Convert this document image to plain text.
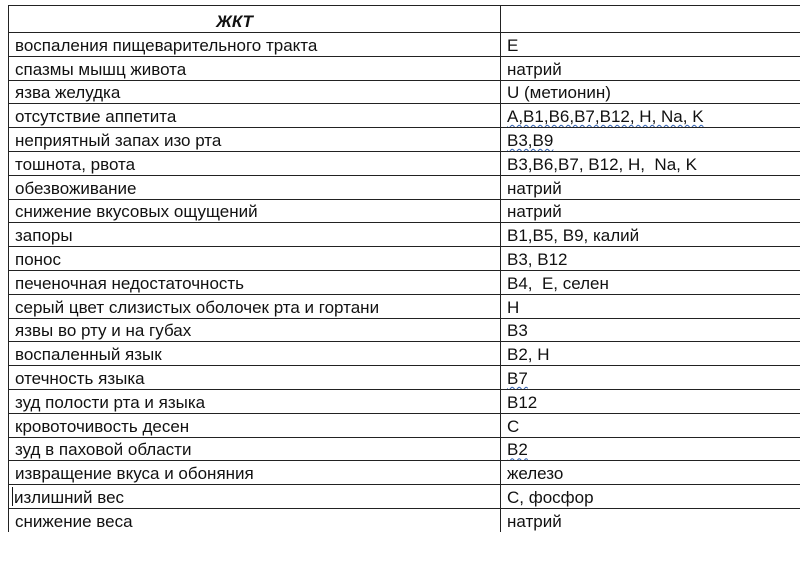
ЖКТ	
воспаления пищеварительного тракта	Е
спазмы мышц живота	натрий
язва желудка	U (метионин)
отсутствие аппетита	А,В1,В6,В7,В12, Н, Na, K
неприятный запах изо рта	В3,В9
тошнота, рвота	В3,В6,В7, В12, Н,  Na, K
обезвоживание	натрий
снижение вкусовых ощущений	натрий
запоры	В1,В5, В9, калий
понос	В3, В12
печеночная недостаточность	В4,  Е, селен
серый цвет слизистых оболочек рта и гортани	Н
язвы во рту и на губах	В3
воспаленный язык	В2, Н
отечность языка	В7
зуд полости рта и языка	В12
кровоточивость десен	С
зуд в паховой области	В2
извращение вкуса и обоняния	железо
излишний вес	С, фосфор
снижение веса	натрий
